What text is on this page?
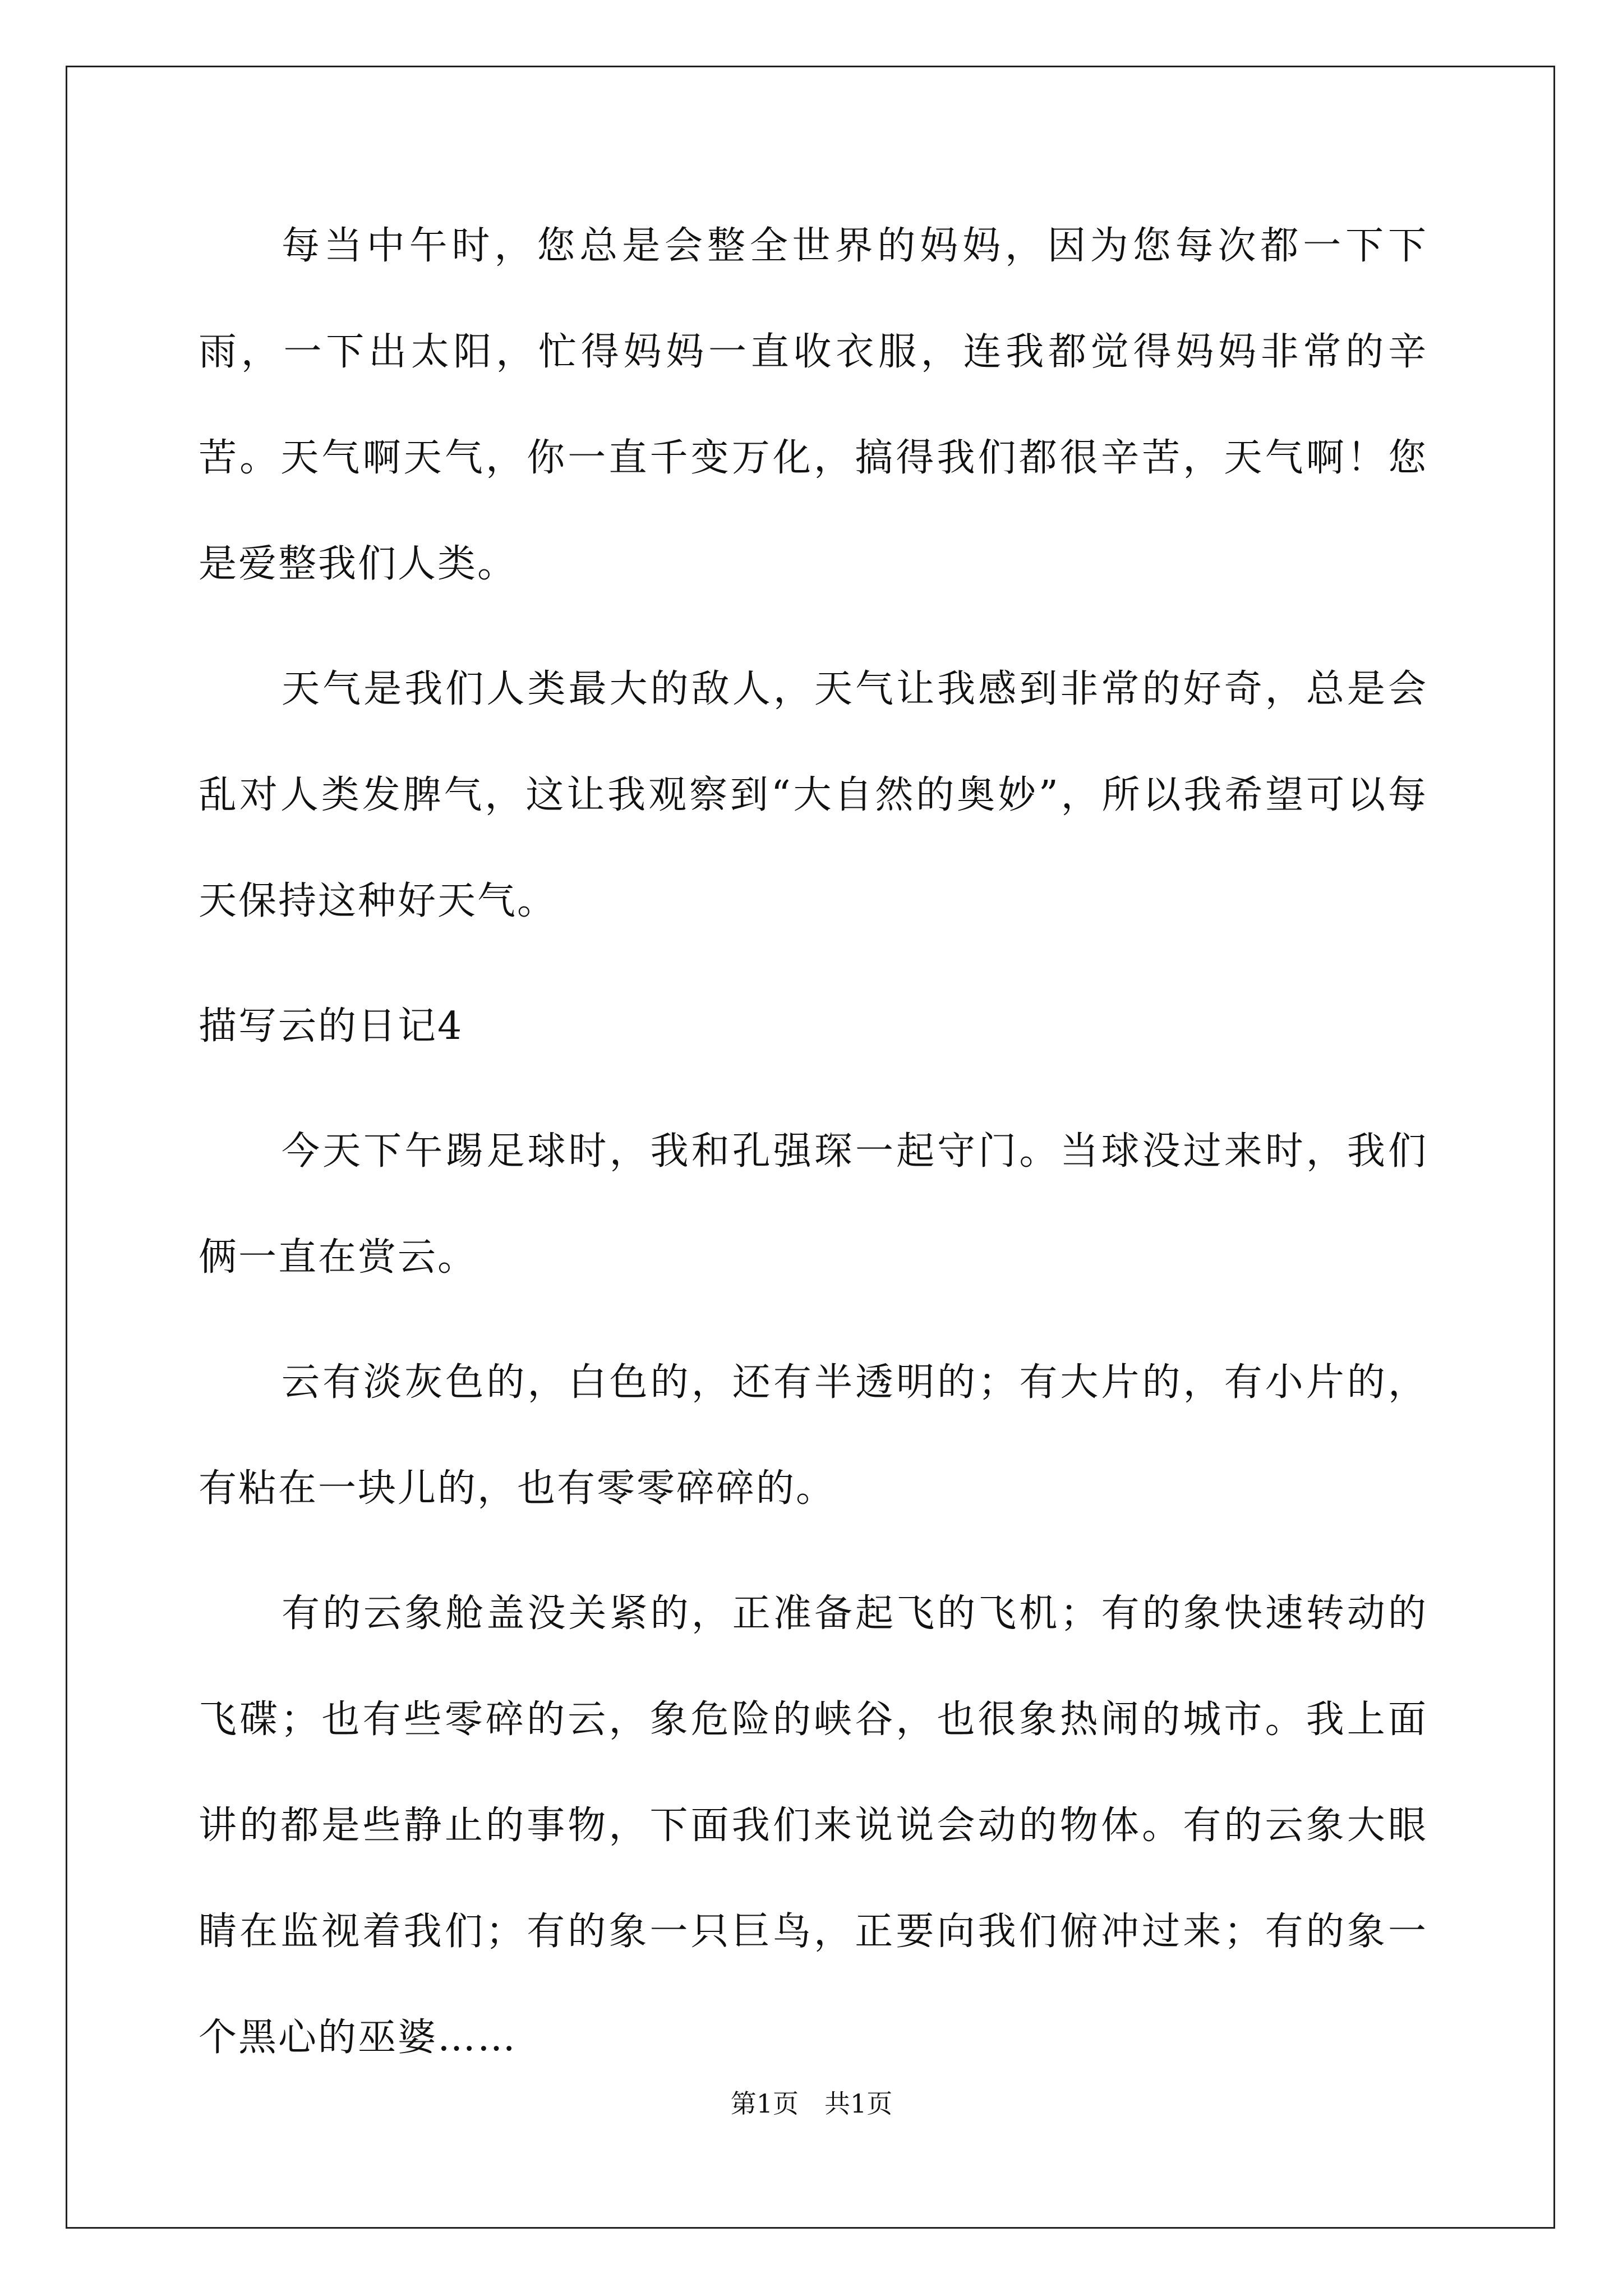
每当中午时，您总是会整全世界的妈妈，因为您每次都一下下雨，一下出太阳，忙得妈妈一直收衣服，连我都觉得妈妈非常的辛苦。天气啊天气，你一直千变万化，搞得我们都很辛苦，天气啊！您是爱整我们人类。

天气是我们人类最大的敌人，天气让我感到非常的好奇，总是会乱对人类发脾气，这让我观察到“大自然的奥妙”，所以我希望可以每天保持这种好天气。

描写云的日记4

今天下午踢足球时，我和孔强琛一起守门。当球没过来时，我们俩一直在赏云。

云有淡灰色的，白色的，还有半透明的；有大片的，有小片的，有粘在一块儿的，也有零零碎碎的。

有的云象舱盖没关紧的，正准备起飞的飞机；有的象快速转动的飞碟；也有些零碎的云，象危险的峡谷，也很象热闹的城市。我上面讲的都是些静止的事物，下面我们来说说会动的物体。有的云象大眼睛在监视着我们；有的象一只巨鸟，正要向我们俯冲过来；有的象一个黑心的巫婆……

第1页　共1页
